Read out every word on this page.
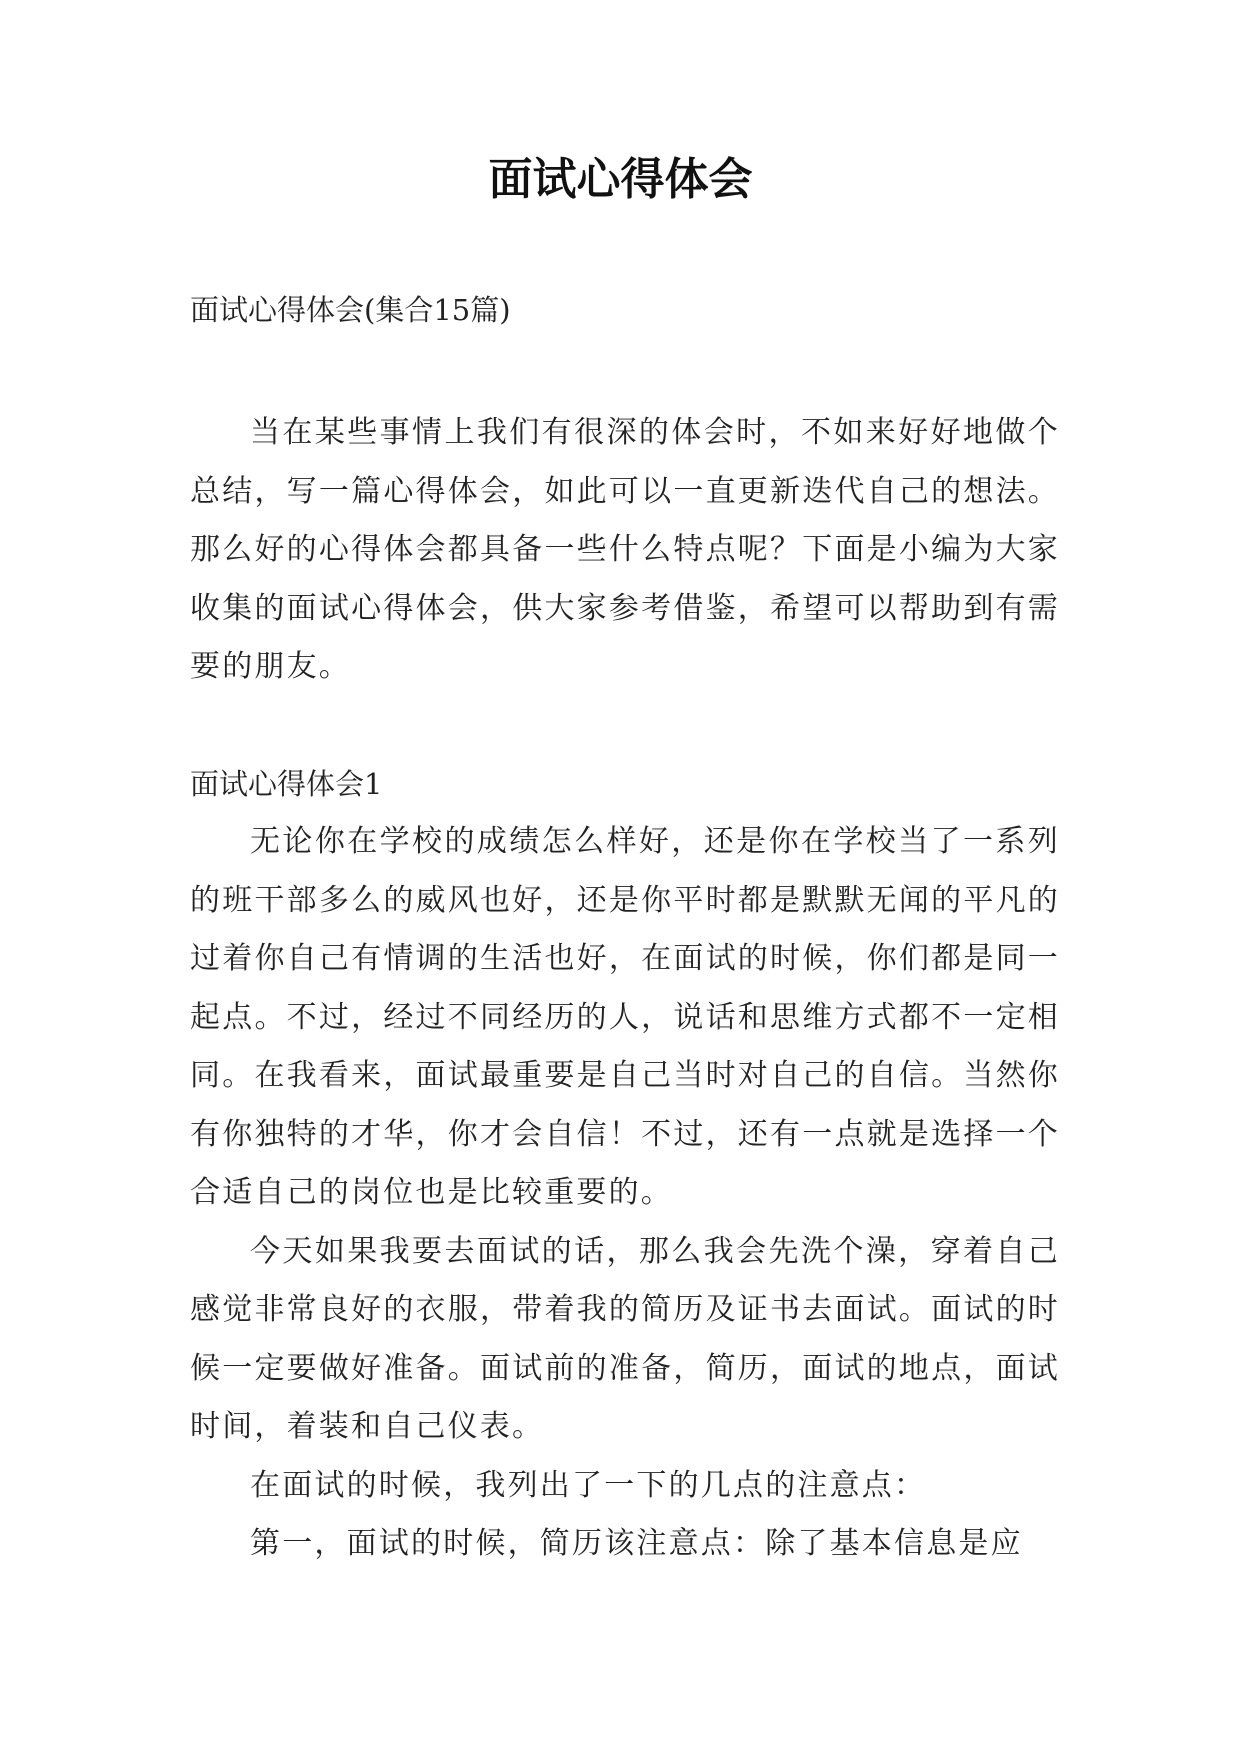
面试心得体会

面试心得体会(集合15篇)

当在某些事情上我们有很深的体会时，不如来好好地做个总结，写一篇心得体会，如此可以一直更新迭代自己的想法。那么好的心得体会都具备一些什么特点呢？下面是小编为大家收集的面试心得体会，供大家参考借鉴，希望可以帮助到有需要的朋友。

面试心得体会1

无论你在学校的成绩怎么样好，还是你在学校当了一系列的班干部多么的威风也好，还是你平时都是默默无闻的平凡的过着你自己有情调的生活也好，在面试的时候，你们都是同一起点。不过，经过不同经历的人，说话和思维方式都不一定相同。在我看来，面试最重要是自己当时对自己的自信。当然你有你独特的才华，你才会自信！不过，还有一点就是选择一个合适自己的岗位也是比较重要的。

今天如果我要去面试的话，那么我会先洗个澡，穿着自己感觉非常良好的衣服，带着我的简历及证书去面试。面试的时候一定要做好准备。面试前的准备，简历，面试的地点，面试时间，着装和自己仪表。

在面试的时候，我列出了一下的几点的注意点：

第一，面试的时候，简历该注意点：除了基本信息是应
